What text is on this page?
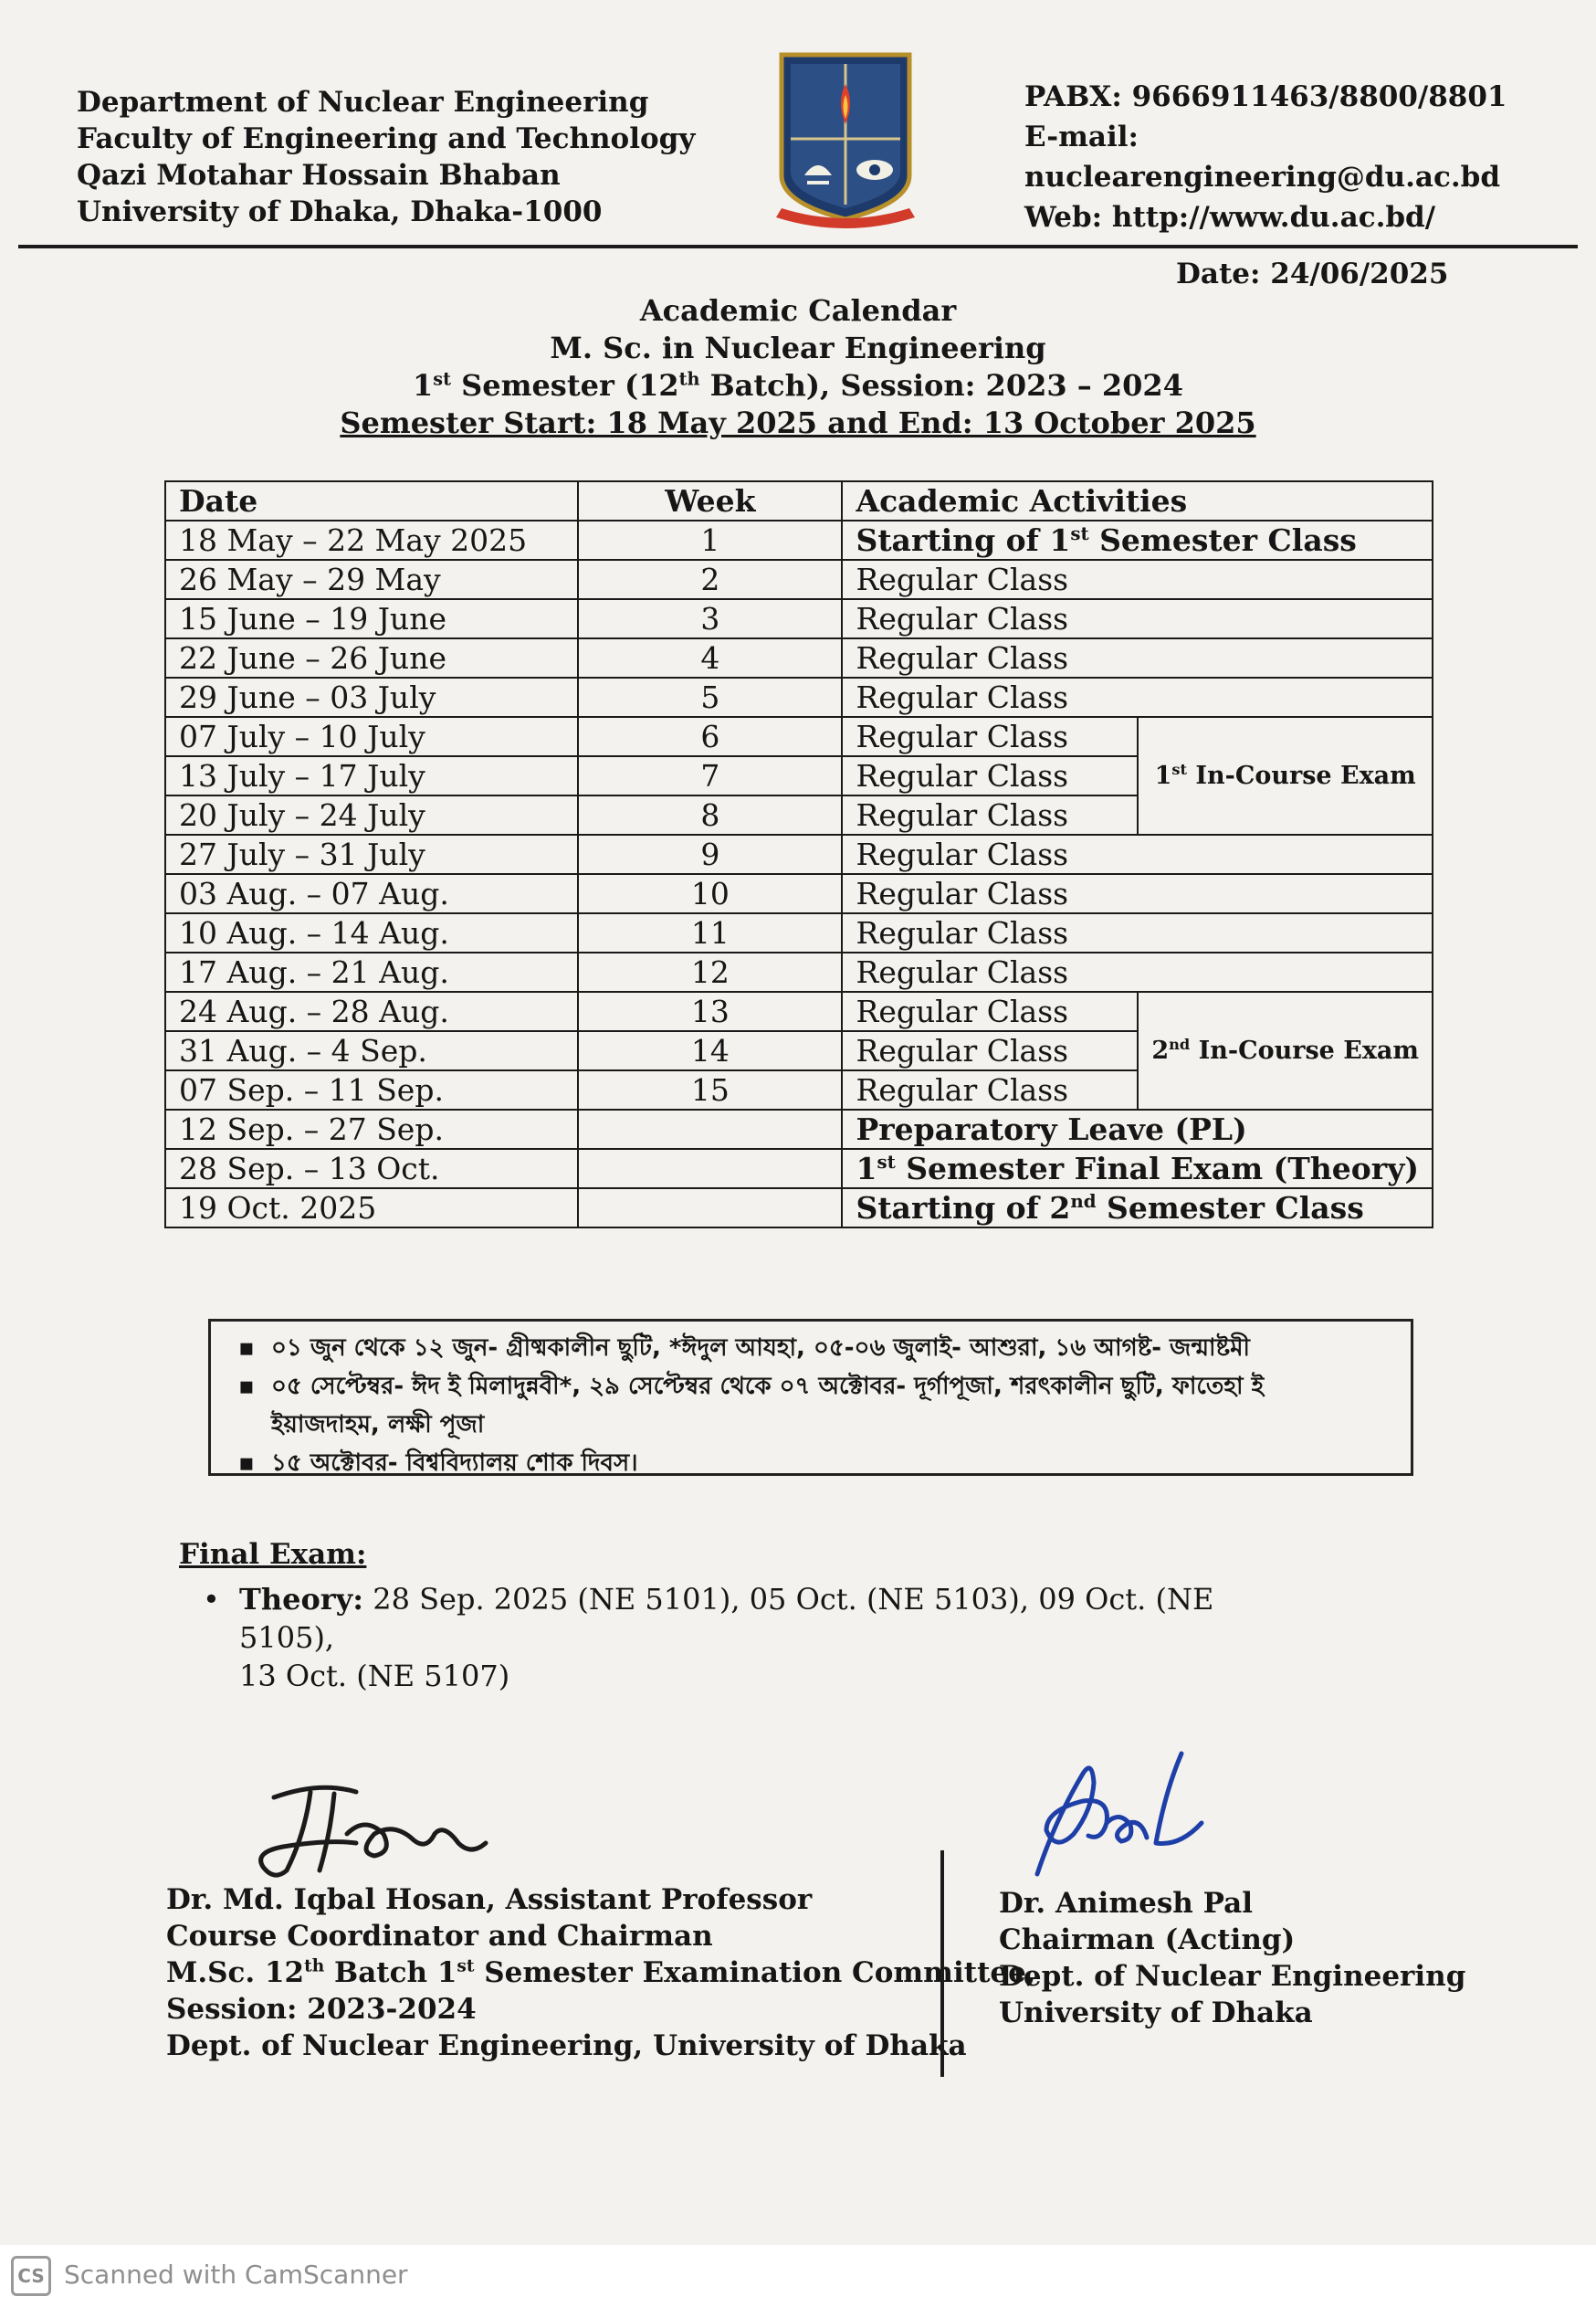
Department of Nuclear Engineering
Faculty of Engineering and Technology
Qazi Motahar Hossain Bhaban
University of Dhaka, Dhaka-1000
PABX: 9666911463/8800/8801
E-mail: nuclearengineering@du.ac.bd
Web: http://www.du.ac.bd/
Date: 24/06/2025
Academic Calendar
M. Sc. in Nuclear Engineering
1st Semester (12th Batch), Session: 2023 – 2024
Semester Start: 18 May 2025 and End: 13 October 2025
Date	Week	Academic Activities	
18 May – 22 May 2025	1	Starting of 1st Semester Class	
26 May – 29 May	2	Regular Class	
15 June – 19 June	3	Regular Class	
22 June – 26 June	4	Regular Class	
29 June – 03 July	5	Regular Class	
07 July – 10 July	6	Regular Class	1st In-Course Exam
13 July – 17 July	7	Regular Class	
20 July – 24 July	8	Regular Class	
27 July – 31 July	9	Regular Class	
03 Aug. – 07 Aug.	10	Regular Class	
10 Aug. – 14 Aug.	11	Regular Class	
17 Aug. – 21 Aug.	12	Regular Class	
24 Aug. – 28 Aug.	13	Regular Class	2nd In-Course Exam
31 Aug. – 4 Sep.	14	Regular Class	
07 Sep. – 11 Sep.	15	Regular Class	
12 Sep. – 27 Sep.		Preparatory Leave (PL)	
28 Sep. – 13 Oct.		1st Semester Final Exam (Theory)	
19 Oct. 2025		Starting of 2nd Semester Class	
▪ ০১ জুন থেকে ১২ জুন- গ্রীষ্মকালীন ছুটি, *ঈদুল আযহা, ০৫-০৬ জুলাই- আশুরা, ১৬ আগষ্ট- জন্মাষ্টমী
▪ ০৫ সেপ্টেম্বর- ঈদ ই মিলাদুন্নবী*, ২৯ সেপ্টেম্বর থেকে ০৭ অক্টোবর- দূর্গাপূজা, শরৎকালীন ছুটি, ফাতেহা ই
ইয়াজদাহম, লক্ষী পূজা
▪ ১৫ অক্টোবর- বিশ্ববিদ্যালয় শোক দিবস।
Final Exam:
• Theory: 28 Sep. 2025 (NE 5101), 05 Oct. (NE 5103), 09 Oct. (NE 5105),
13 Oct. (NE 5107)
Dr. Md. Iqbal Hosan, Assistant Professor
Course Coordinator and Chairman
M.Sc. 12th Batch 1st Semester Examination Committee,
Session: 2023-2024
Dept. of Nuclear Engineering, University of Dhaka
Dr. Animesh Pal
Chairman (Acting)
Dept. of Nuclear Engineering
University of Dhaka
CS Scanned with CamScanner
